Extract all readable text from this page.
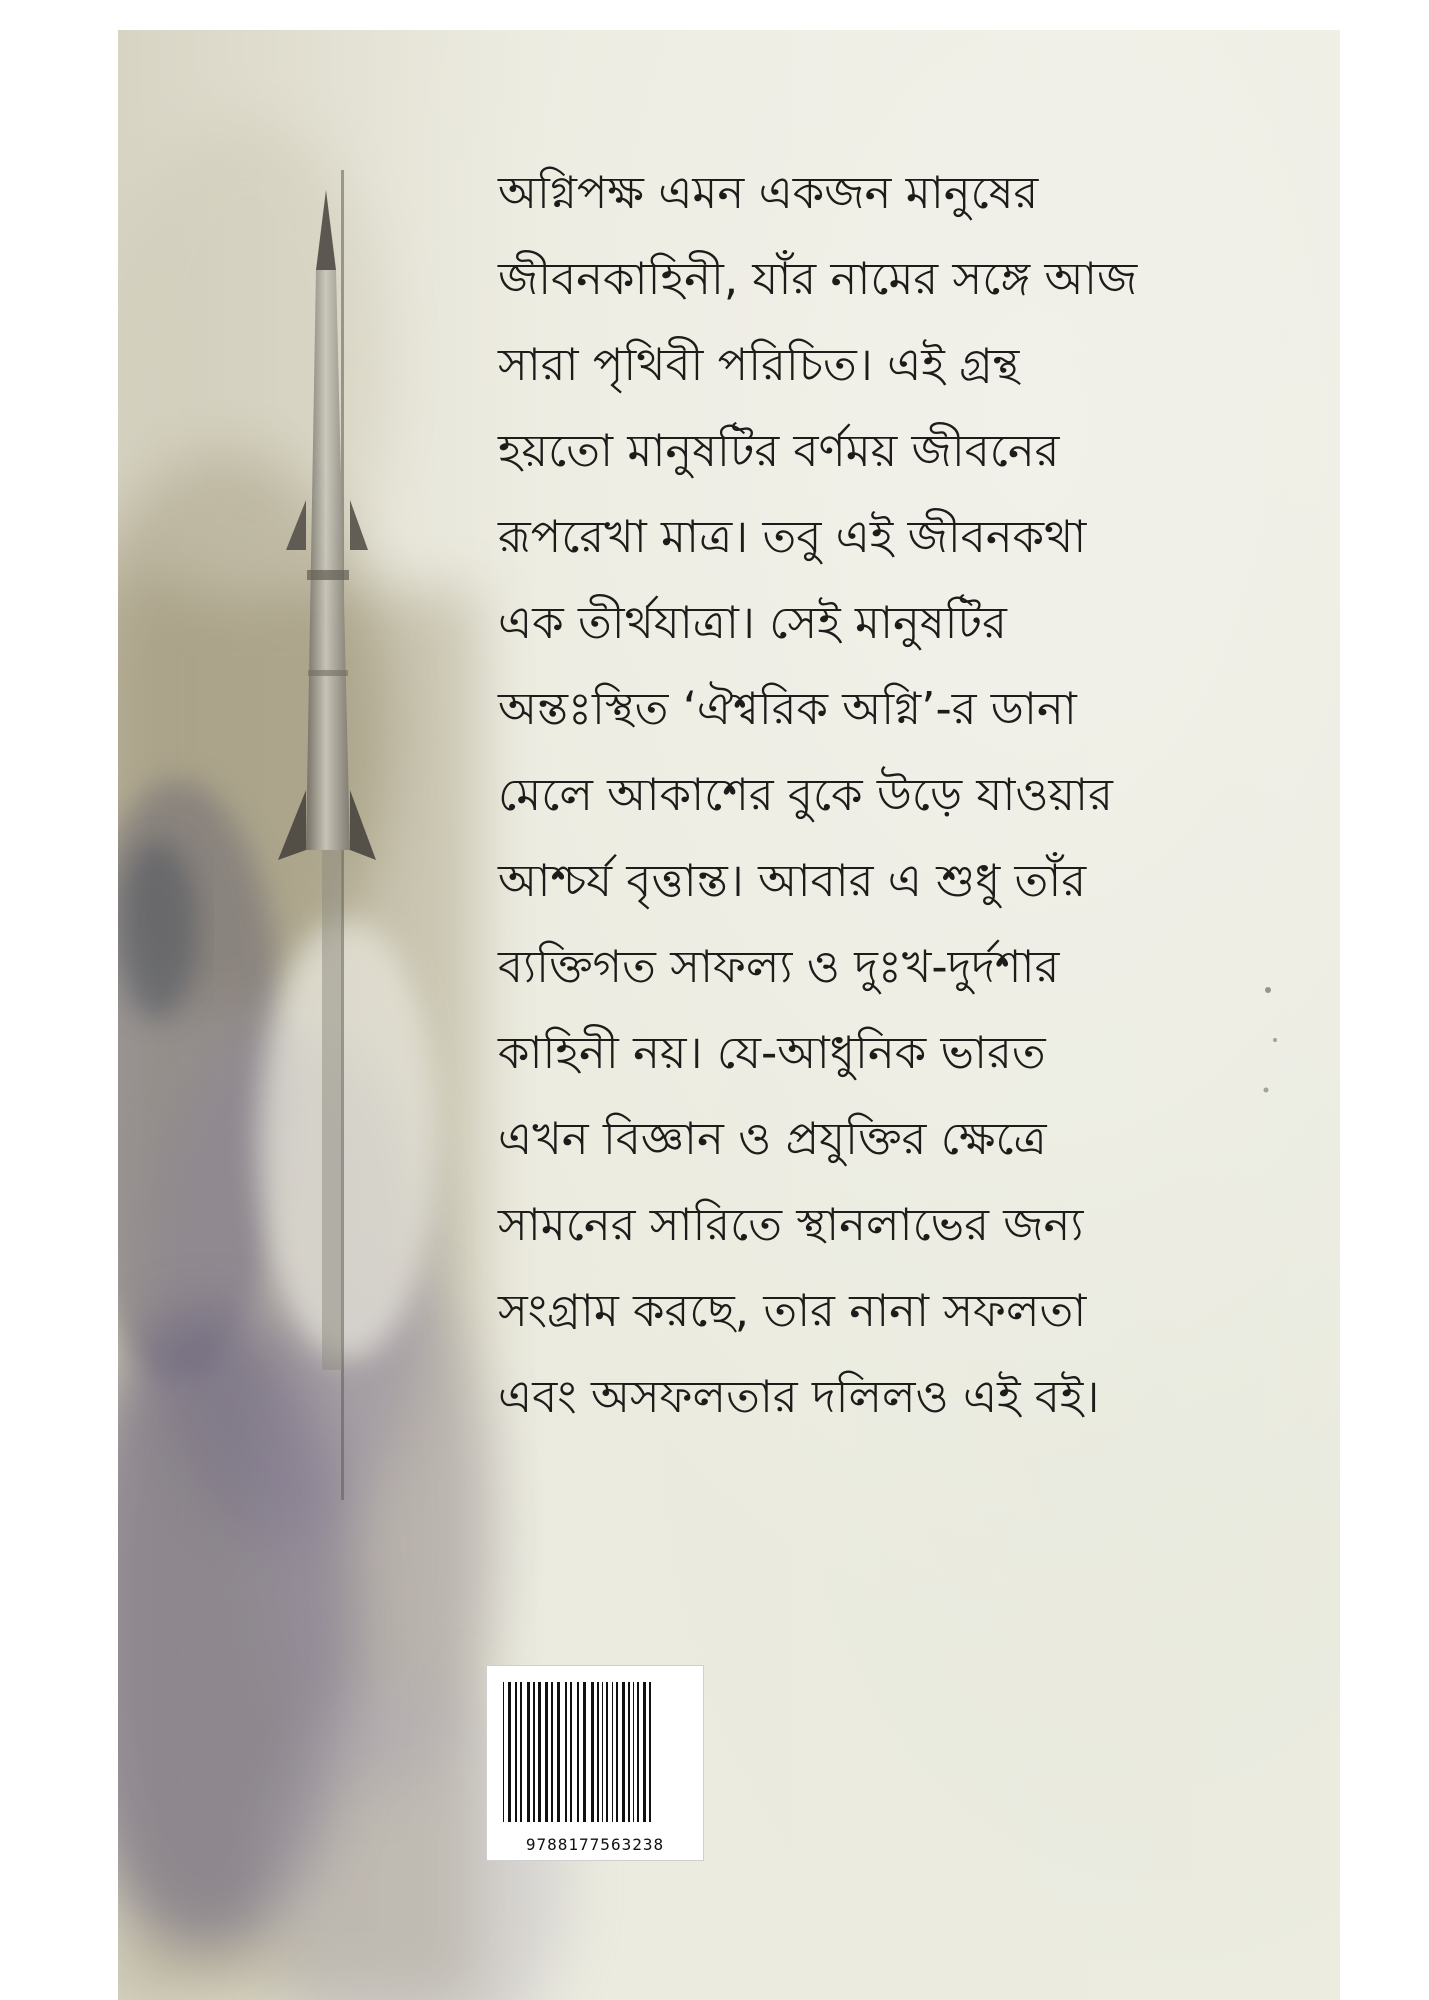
অগ্নিপক্ষ এমন একজন মানুষের
জীবনকাহিনী, যাঁর নামের সঙ্গে আজ
সারা পৃথিবী পরিচিত। এই গ্রন্থ
হয়তো মানুষটির বর্ণময় জীবনের
রূপরেখা মাত্র। তবু এই জীবনকথা
এক তীর্থযাত্রা। সেই মানুষটির
অন্তঃস্থিত ‘ঐশ্বরিক অগ্নি’-র ডানা
মেলে আকাশের বুকে উড়ে যাওয়ার
আশ্চর্য বৃত্তান্ত। আবার এ শুধু তাঁর
ব্যক্তিগত সাফল্য ও দুঃখ-দুর্দশার
কাহিনী নয়। যে-আধুনিক ভারত
এখন বিজ্ঞান ও প্রযুক্তির ক্ষেত্রে
সামনের সারিতে স্থানলাভের জন্য
সংগ্রাম করছে, তার নানা সফলতা
এবং অসফলতার দলিলও এই বই।
9788177563238
